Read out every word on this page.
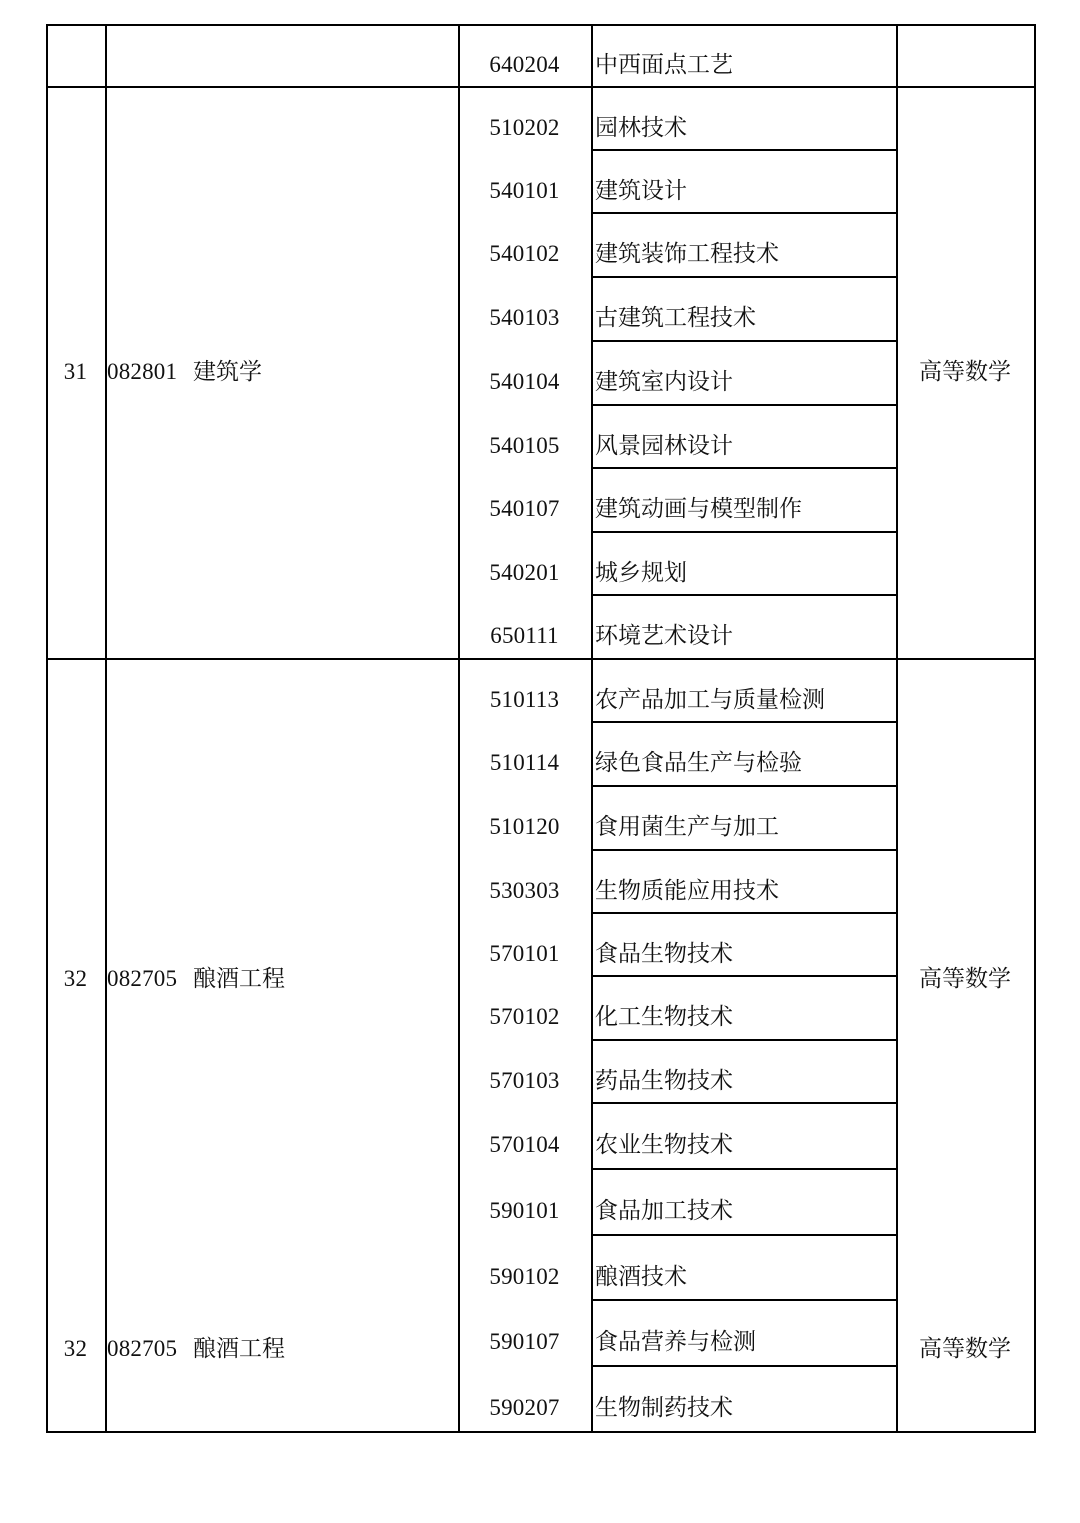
640204	中西面点工艺
31 082801 建筑学	高等数学
510202	园林技术
540101	建筑设计
540102	建筑装饰工程技术
540103	古建筑工程技术
540104	建筑室内设计
540105	风景园林设计
540107	建筑动画与模型制作
540201	城乡规划
650111	环境艺术设计
32 082705 酿酒工程	高等数学
510113	农产品加工与质量检测
510114	绿色食品生产与检验
510120	食用菌生产与加工
530303	生物质能应用技术
570101	食品生物技术
570102	化工生物技术
570103	药品生物技术
570104	农业生物技术
590101	食品加工技术
590102	酿酒技术
32 082705 酿酒工程	高等数学
590107	食品营养与检测
590207	生物制药技术
